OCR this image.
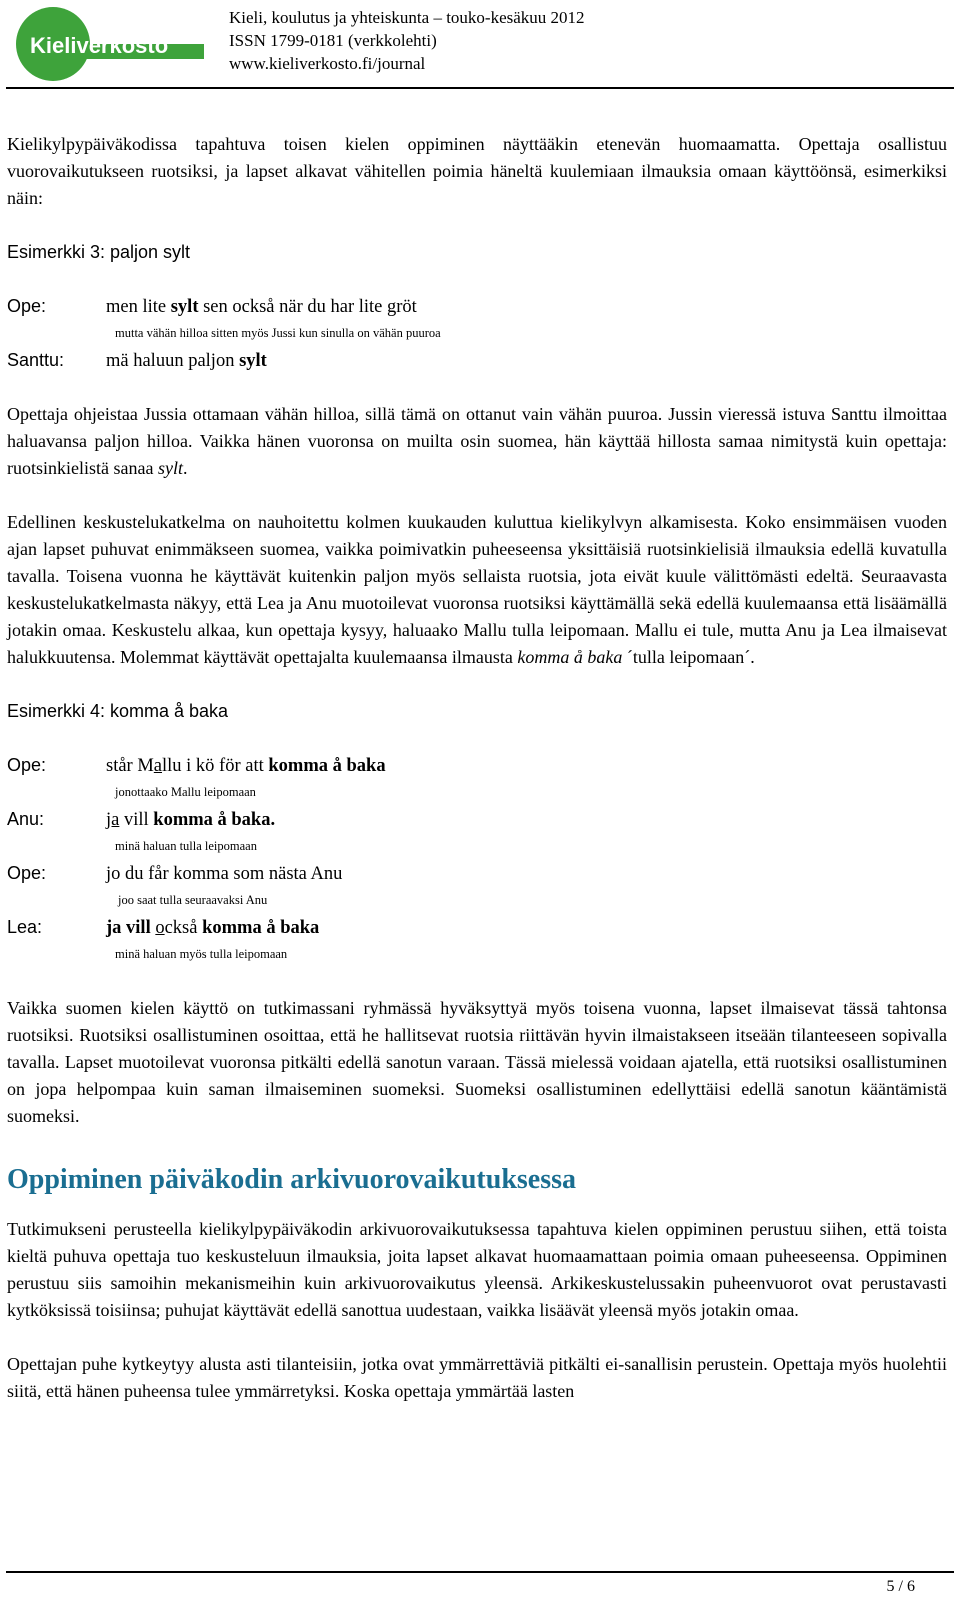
Kieliverkosto
Kieli, koulutus ja yhteiskunta – touko-kesäkuu 2012
ISSN 1799-0181 (verkkolehti)
www.kieliverkosto.fi/journal

Kielikylpypäiväkodissa tapahtuva toisen kielen oppiminen näyttääkin etenevän huomaamatta. Opettaja osallistuu vuorovaikutukseen ruotsiksi, ja lapset alkavat vähitellen poimia häneltä kuulemiaan ilmauksia omaan käyttöönsä, esimerkiksi näin:

Esimerkki 3: paljon sylt
Ope:	men lite sylt sen också när du har lite gröt
mutta vähän hilloa sitten myös Jussi kun sinulla on vähän puuroa
Santtu:	mä haluun paljon sylt

Opettaja ohjeistaa Jussia ottamaan vähän hilloa, sillä tämä on ottanut vain vähän puuroa. Jussin vieressä istuva Santtu ilmoittaa haluavansa paljon hilloa. Vaikka hänen vuoronsa on muilta osin suomea, hän käyttää hillosta samaa nimitystä kuin opettaja: ruotsinkielistä sanaa sylt.

Edellinen keskustelukatkelma on nauhoitettu kolmen kuukauden kuluttua kielikylvyn alkamisesta. Koko ensimmäisen vuoden ajan lapset puhuvat enimmäkseen suomea, vaikka poimivatkin puheeseensa yksittäisiä ruotsinkielisiä ilmauksia edellä kuvatulla tavalla. Toisena vuonna he käyttävät kuitenkin paljon myös sellaista ruotsia, jota eivät kuule välittömästi edeltä. Seuraavasta keskustelukatkelmasta näkyy, että Lea ja Anu muotoilevat vuoronsa ruotsiksi käyttämällä sekä edellä kuulemaansa että lisäämällä jotakin omaa. Keskustelu alkaa, kun opettaja kysyy, haluaako Mallu tulla leipomaan. Mallu ei tule, mutta Anu ja Lea ilmaisevat halukkuutensa. Molemmat käyttävät opettajalta kuulemaansa ilmausta komma å baka ´tulla leipomaan´.

Esimerkki 4: komma å baka
Ope:	står Mallu i kö för att komma å baka
jonottaako Mallu leipomaan
Anu:	ja vill komma å baka.
minä haluan tulla leipomaan
Ope:	jo du får komma som nästa Anu
joo saat tulla seuraavaksi Anu
Lea:	ja vill också komma å baka
minä haluan myös tulla leipomaan

Vaikka suomen kielen käyttö on tutkimassani ryhmässä hyväksyttyä myös toisena vuonna, lapset ilmaisevat tässä tahtonsa ruotsiksi. Ruotsiksi osallistuminen osoittaa, että he hallitsevat ruotsia riittävän hyvin ilmaistakseen itseään tilanteeseen sopivalla tavalla. Lapset muotoilevat vuoronsa pitkälti edellä sanotun varaan. Tässä mielessä voidaan ajatella, että ruotsiksi osallistuminen on jopa helpompaa kuin saman ilmaiseminen suomeksi. Suomeksi osallistuminen edellyttäisi edellä sanotun kääntämistä suomeksi.

Oppiminen päiväkodin arkivuorovaikutuksessa

Tutkimukseni perusteella kielikylpypäiväkodin arkivuorovaikutuksessa tapahtuva kielen oppiminen perustuu siihen, että toista kieltä puhuva opettaja tuo keskusteluun ilmauksia, joita lapset alkavat huomaamattaan poimia omaan puheeseensa. Oppiminen perustuu siis samoihin mekanismeihin kuin arkivuorovaikutus yleensä. Arkikeskustelussakin puheenvuorot ovat perustavasti kytköksissä toisiinsa; puhujat käyttävät edellä sanottua uudestaan, vaikka lisäävät yleensä myös jotakin omaa.

Opettajan puhe kytkeytyy alusta asti tilanteisiin, jotka ovat ymmärrettäviä pitkälti ei-sanallisin perustein. Opettaja myös huolehtii siitä, että hänen puheensa tulee ymmärretyksi. Koska opettaja ymmärtää lasten

5 / 6
